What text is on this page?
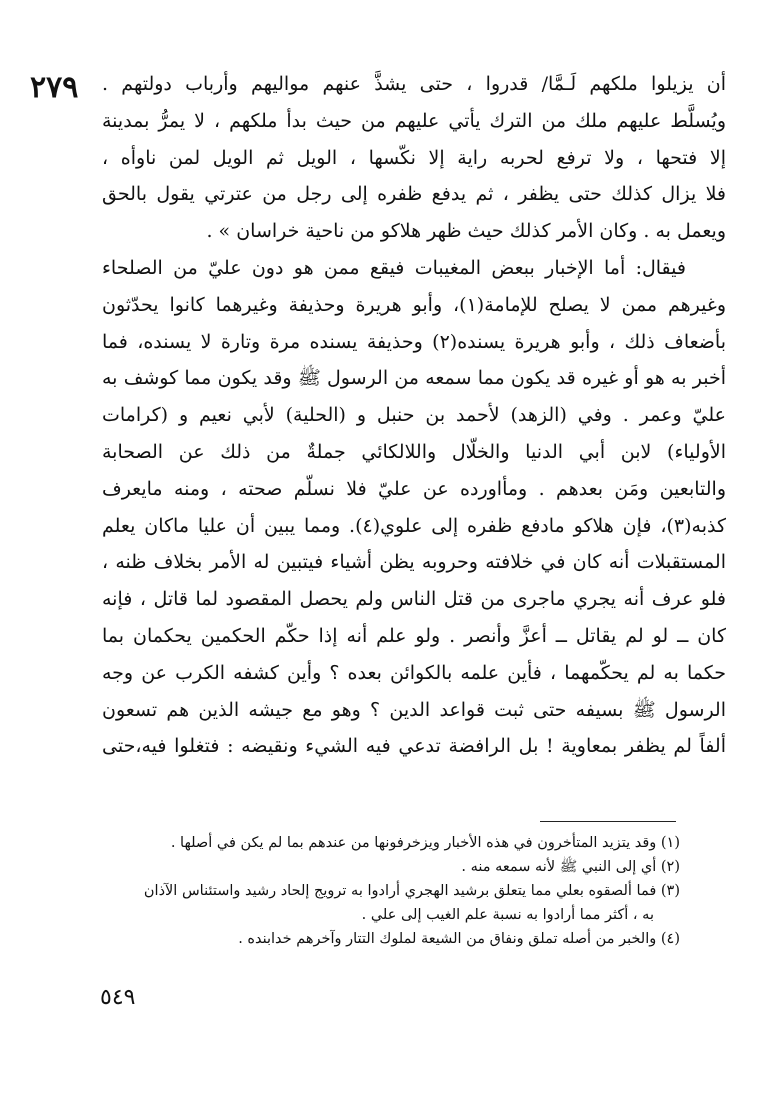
٢٧٩ أن يزيلوا ملكهم لَـمَّا/ قدروا ، حتى يشذَّ عنهم مواليهم وأرباب دولتهم .
ويُسلَّط عليهم ملك من الترك يأتي عليهم من حيث بدأ ملكهم ، لا يمرُّ بمدينة
إلا فتحها ، ولا ترفع لحربه راية إلا نكّسها ، الويل ثم الويل لمن ناوأه ،
فلا يزال كذلك حتى يظفر ، ثم يدفع ظفره إلى رجل من عترتي يقول بالحق
ويعمل به . وكان الأمر كذلك حيث ظهر هلاكو من ناحية خراسان » .
فيقال: أما الإخبار ببعض المغيبات فيقع ممن هو دون عليّ من الصلحاء
وغيرهم ممن لا يصلح للإمامة(١)، وأبو هريرة وحذيفة وغيرهما كانوا يحدّثون
بأضعاف ذلك ، وأبو هريرة يسنده(٢) وحذيفة يسنده مرة وتارة لا يسنده، فما
أخبر به هو أو غيره قد يكون مما سمعه من الرسول ﷺ وقد يكون مما كوشف به
عليّ وعمر . وفي (الزهد) لأحمد بن حنبل و (الحلية) لأبي نعيم و (كرامات
الأولياء) لابن أبي الدنيا والخلّال واللالكائي جملةٌ من ذلك عن الصحابة
والتابعين ومَن بعدهم . ومأاورده عن عليّ فلا نسلّم صحته ، ومنه مايعرف
كذبه(٣)، فإن هلاكو مادفع ظفره إلى علوي(٤). ومما يبين أن عليا ماكان يعلم
المستقبلات أنه كان في خلافته وحروبه يظن أشياء فيتبين له الأمر بخلاف ظنه ،
فلو عرف أنه يجري ماجرى من قتل الناس ولم يحصل المقصود لما قاتل ، فإنه
كان ــ لو لم يقاتل ــ أعزَّ وأنصر . ولو علم أنه إذا حكّم الحكمين يحكمان بما
حكما به لم يحكّمهما ، فأين علمه بالكوائن بعده ؟ وأين كشفه الكرب عن وجه
الرسول ﷺ بسيفه حتى ثبت قواعد الدين ؟ وهو مع جيشه الذين هم تسعون
ألفاً لم يظفر بمعاوية ! بل الرافضة تدعي فيه الشيء ونقيضه : فتغلوا فيه،حتى
(١) وقد يتزيد المتأخرون في هذه الأخبار ويزخرفونها من عندهم بما لم يكن في أصلها .
(٢) أي إلى النبي ﷺ لأنه سمعه منه .
(٣) فما ألصقوه بعلي مما يتعلق برشيد الهجري أرادوا به ترويج إلحاد رشيد واستئناس الآذان
به ، أكثر مما أرادوا به نسبة علم الغيب إلى علي .
(٤) والخبر من أصله تملق ونفاق من الشيعة لملوك التتار وآخرهم خدابنده .
٥٤٩
